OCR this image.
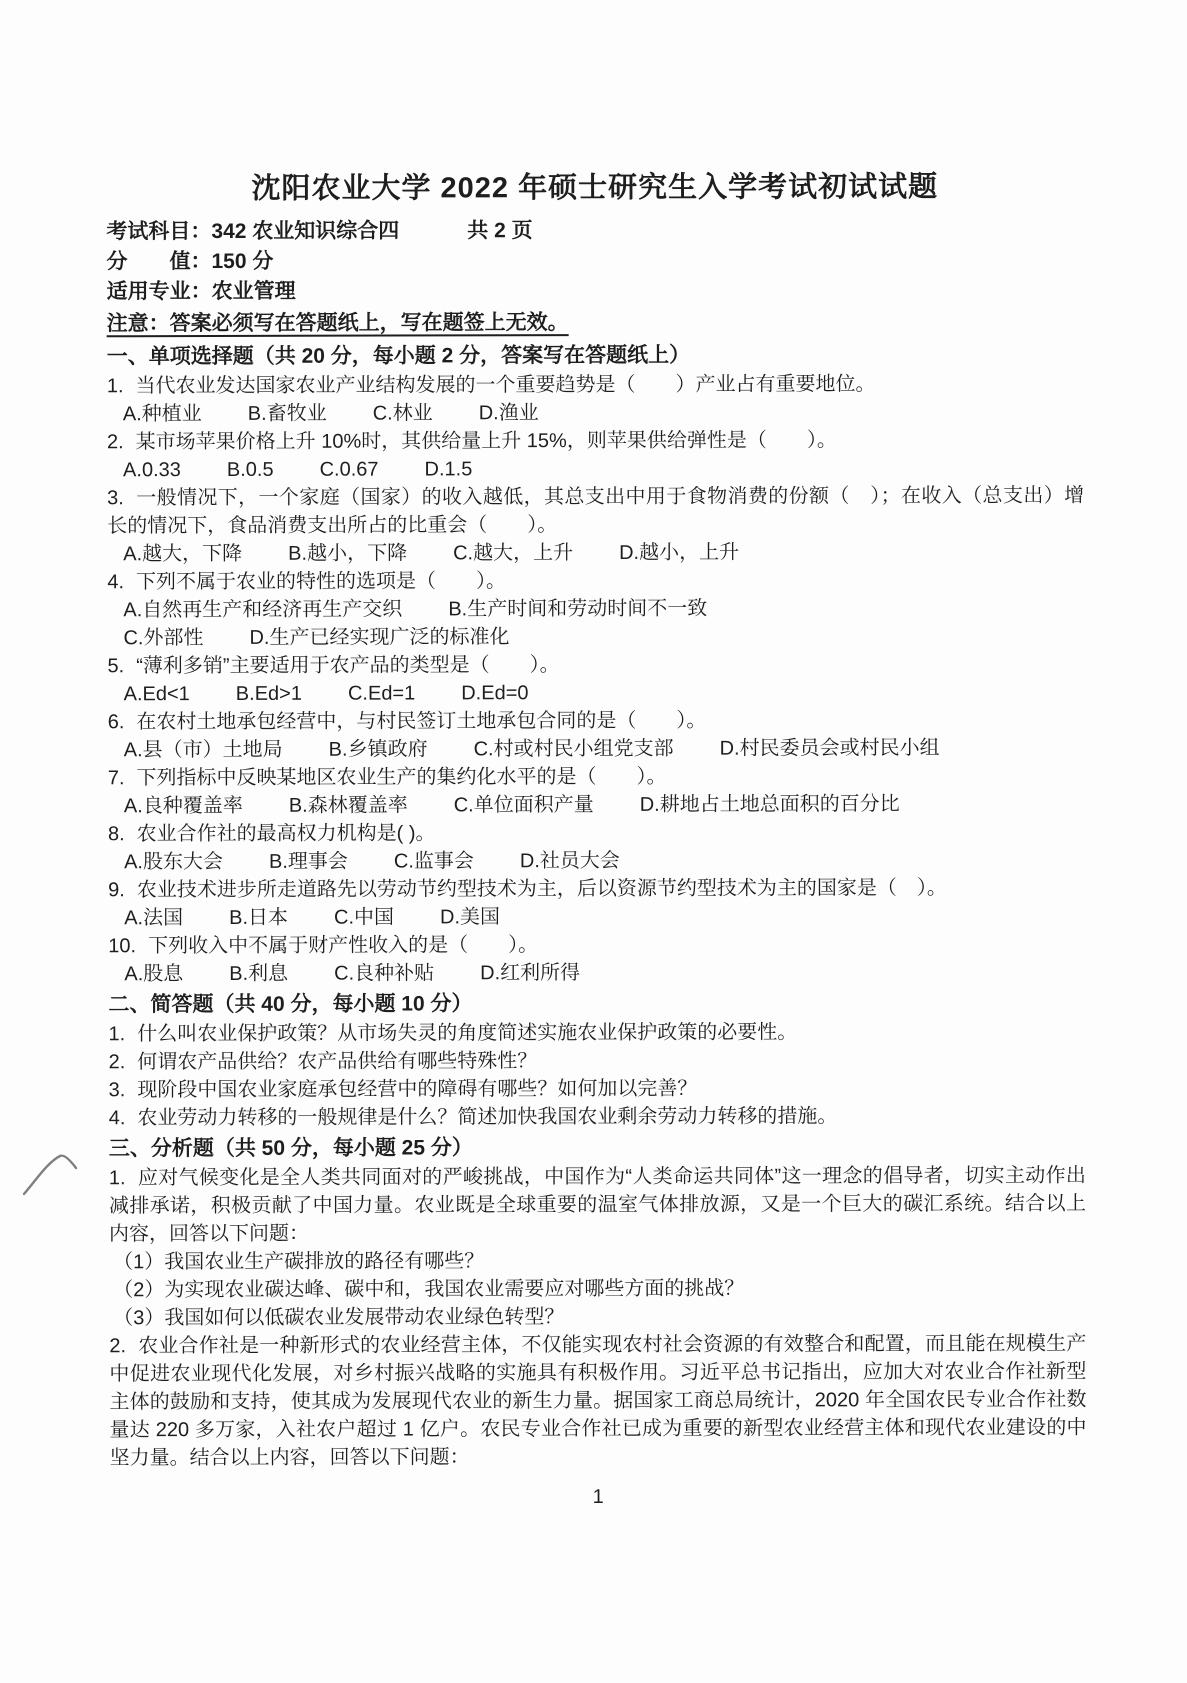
沈阳农业大学 2022 年硕士研究生入学考试初试试题
考试科目：342 农业知识综合四	共 2 页
分　　值：150 分
适用专业：农业管理
注意：答案必须写在答题纸上，写在题签上无效。
一、单项选择题（共 20 分，每小题 2 分，答案写在答题纸上）
1. 当代农业发达国家农业产业结构发展的一个重要趋势是（　　）产业占有重要地位。
A.种植业 B.畜牧业 C.林业 D.渔业
2. 某市场苹果价格上升 10%时，其供给量上升 15%，则苹果供给弹性是（　　）。
A.0.33 B.0.5 C.0.67 D.1.5
3. 一般情况下，一个家庭（国家）的收入越低，其总支出中用于食物消费的份额（　）；在收入（总支出）增长的情况下，食品消费支出所占的比重会（　　）。
A.越大，下降 B.越小，下降 C.越大，上升 D.越小，上升
4. 下列不属于农业的特性的选项是（　　）。
A.自然再生产和经济再生产交织 B.生产时间和劳动时间不一致
C.外部性 D.生产已经实现广泛的标准化
5. “薄利多销”主要适用于农产品的类型是（　　）。
A.Ed<1 B.Ed>1 C.Ed=1 D.Ed=0
6. 在农村土地承包经营中，与村民签订土地承包合同的是（　　）。
A.县（市）土地局 B.乡镇政府 C.村或村民小组党支部 D.村民委员会或村民小组
7. 下列指标中反映某地区农业生产的集约化水平的是（　　）。
A.良种覆盖率 B.森林覆盖率 C.单位面积产量 D.耕地占土地总面积的百分比
8. 农业合作社的最高权力机构是( )。
A.股东大会 B.理事会 C.监事会 D.社员大会
9. 农业技术进步所走道路先以劳动节约型技术为主，后以资源节约型技术为主的国家是（　）。
A.法国 B.日本 C.中国 D.美国
10. 下列收入中不属于财产性收入的是（　　）。
A.股息 B.利息 C.良种补贴 D.红利所得
二、简答题（共 40 分，每小题 10 分）
1. 什么叫农业保护政策？从市场失灵的角度简述实施农业保护政策的必要性。
2. 何谓农产品供给？农产品供给有哪些特殊性？
3. 现阶段中国农业家庭承包经营中的障碍有哪些？如何加以完善？
4. 农业劳动力转移的一般规律是什么？简述加快我国农业剩余劳动力转移的措施。
三、分析题（共 50 分，每小题 25 分）
1. 应对气候变化是全人类共同面对的严峻挑战，中国作为“人类命运共同体”这一理念的倡导者，切实主动作出减排承诺，积极贡献了中国力量。农业既是全球重要的温室气体排放源，又是一个巨大的碳汇系统。结合以上内容，回答以下问题：
（1）我国农业生产碳排放的路径有哪些？
（2）为实现农业碳达峰、碳中和，我国农业需要应对哪些方面的挑战？
（3）我国如何以低碳农业发展带动农业绿色转型？
2. 农业合作社是一种新形式的农业经营主体，不仅能实现农村社会资源的有效整合和配置，而且能在规模生产中促进农业现代化发展，对乡村振兴战略的实施具有积极作用。习近平总书记指出，应加大对农业合作社新型主体的鼓励和支持，使其成为发展现代农业的新生力量。据国家工商总局统计，2020 年全国农民专业合作社数量达 220 多万家，入社农户超过 1 亿户。农民专业合作社已成为重要的新型农业经营主体和现代农业建设的中坚力量。结合以上内容，回答以下问题：
1
